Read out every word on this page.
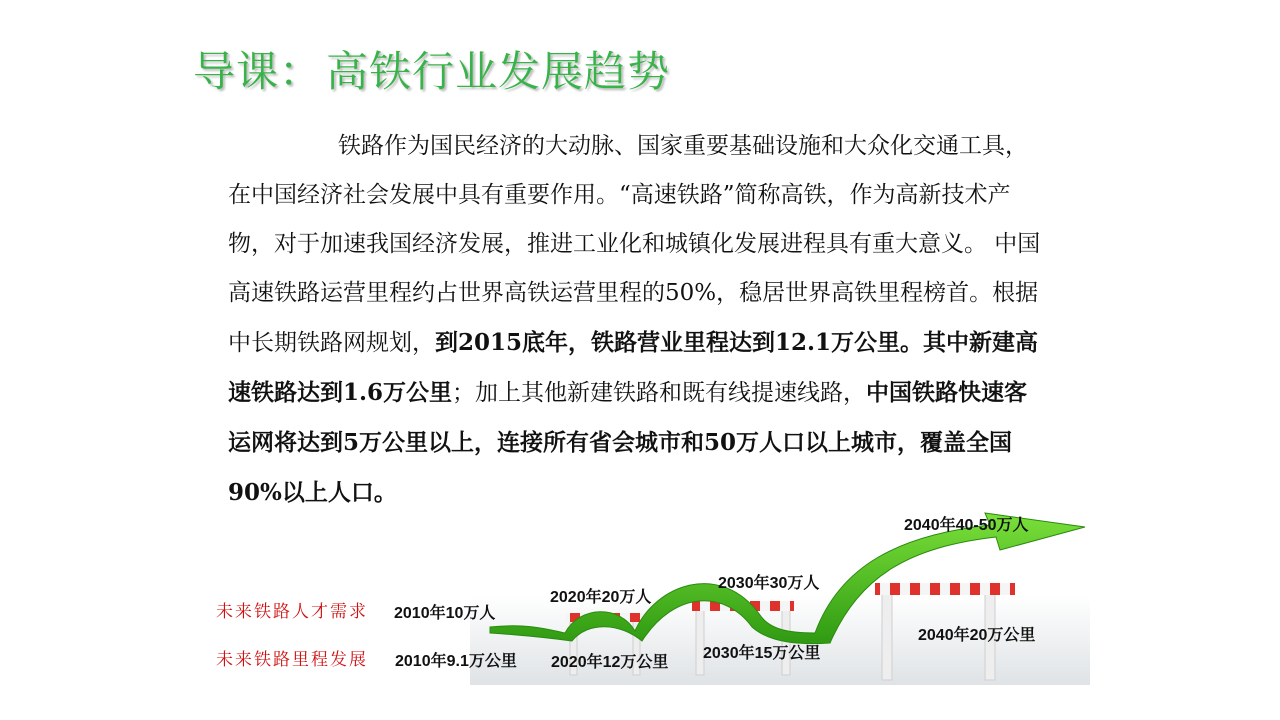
导课：高铁行业发展趋势
铁路作为国民经济的大动脉、国家重要基础设施和大众化交通工具，在中国经济社会发展中具有重要作用。“高速铁路”简称高铁，作为高新技术产物，对于加速我国经济发展，推进工业化和城镇化发展进程具有重大意义。 中国高速铁路运营里程约占世界高铁运营里程的50%，稳居世界高铁里程榜首。根据中长期铁路网规划，到2015底年，铁路营业里程达到12.1万公里。其中新建高速铁路达到1.6万公里；加上其他新建铁路和既有线提速线路，中国铁路快速客运网将达到5万公里以上，连接所有省会城市和50万人口以上城市，覆盖全国90%以上人口。
未来铁路人才需求
未来铁路里程发展
2010年10万人
2020年20万人
2030年30万人
2040年40-50万人
2010年9.1万公里 2020年12万公里
2030年15万公里
2040年20万公里
